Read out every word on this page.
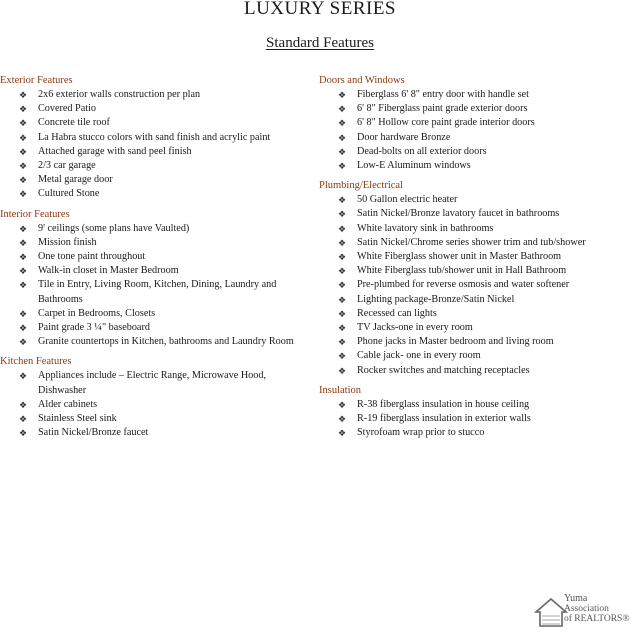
LUXURY SERIES
Standard Features
Exterior Features
❖ 2x6 exterior walls construction per plan
❖ Covered Patio
❖ Concrete tile roof
❖ La Habra stucco colors with sand finish and acrylic paint
❖ Attached garage with sand peel finish
❖ 2/3 car garage
❖ Metal garage door
❖ Cultured Stone
Interior Features
❖ 9' ceilings (some plans have Vaulted)
❖ Mission finish
❖ One tone paint throughout
❖ Walk-in closet in Master Bedroom
❖ Tile in Entry, Living Room, Kitchen, Dining, Laundry and Bathrooms
❖ Carpet in Bedrooms, Closets
❖ Paint grade 3 ¼" baseboard
❖ Granite countertops in Kitchen, bathrooms and Laundry Room
Kitchen Features
❖ Appliances include – Electric Range, Microwave Hood, Dishwasher
❖ Alder cabinets
❖ Stainless Steel sink
❖ Satin Nickel/Bronze faucet
Doors and Windows
❖ Fiberglass 6' 8" entry door with handle set
❖ 6' 8" Fiberglass paint grade exterior doors
❖ 6' 8" Hollow core paint grade interior doors
❖ Door hardware Bronze
❖ Dead-bolts on all exterior doors
❖ Low-E Aluminum windows
Plumbing/Electrical
❖ 50 Gallon electric heater
❖ Satin Nickel/Bronze lavatory faucet in bathrooms
❖ White lavatory sink in bathrooms
❖ Satin Nickel/Chrome series shower trim and tub/shower
❖ White Fiberglass shower unit in Master Bathroom
❖ White Fiberglass tub/shower unit in Hall Bathroom
❖ Pre-plumbed for reverse osmosis and water softener
❖ Lighting package-Bronze/Satin Nickel
❖ Recessed can lights
❖ TV Jacks-one in every room
❖ Phone jacks in Master bedroom and living room
❖ Cable jack- one in every room
❖ Rocker switches and matching receptacles
Insulation
❖ R-38 fiberglass insulation in house ceiling
❖ R-19 fiberglass insulation in exterior walls
❖ Styrofoam wrap prior to stucco
Yuma
Association
of REALTORS®
